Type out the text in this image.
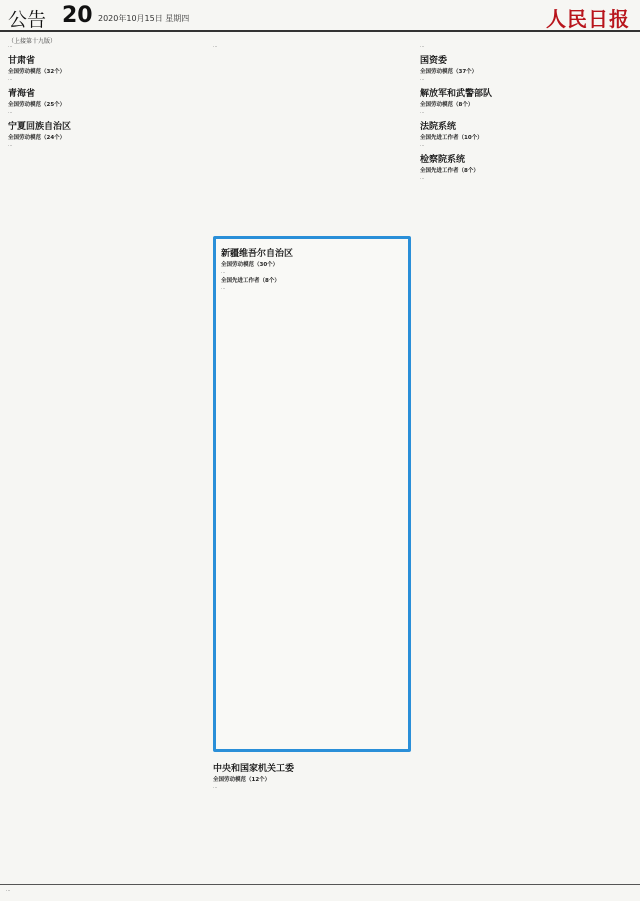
公告 20 2020年10月15日 星期四	人民日报
（上接第十九版）
…
甘肃省
全国劳动模范（32个）
…
青海省
全国劳动模范（25个）
…
宁夏回族自治区
全国劳动模范（24个）
…
…
新疆维吾尔自治区
全国劳动模范（30个）
…
全国先进工作者（8个）
…
中央和国家机关工委
全国劳动模范（12个）
…
…
国资委
全国劳动模范（37个）
…
解放军和武警部队
全国劳动模范（8个）
…
法院系统
全国先进工作者（10个）
…
检察院系统
全国先进工作者（8个）
…
…
